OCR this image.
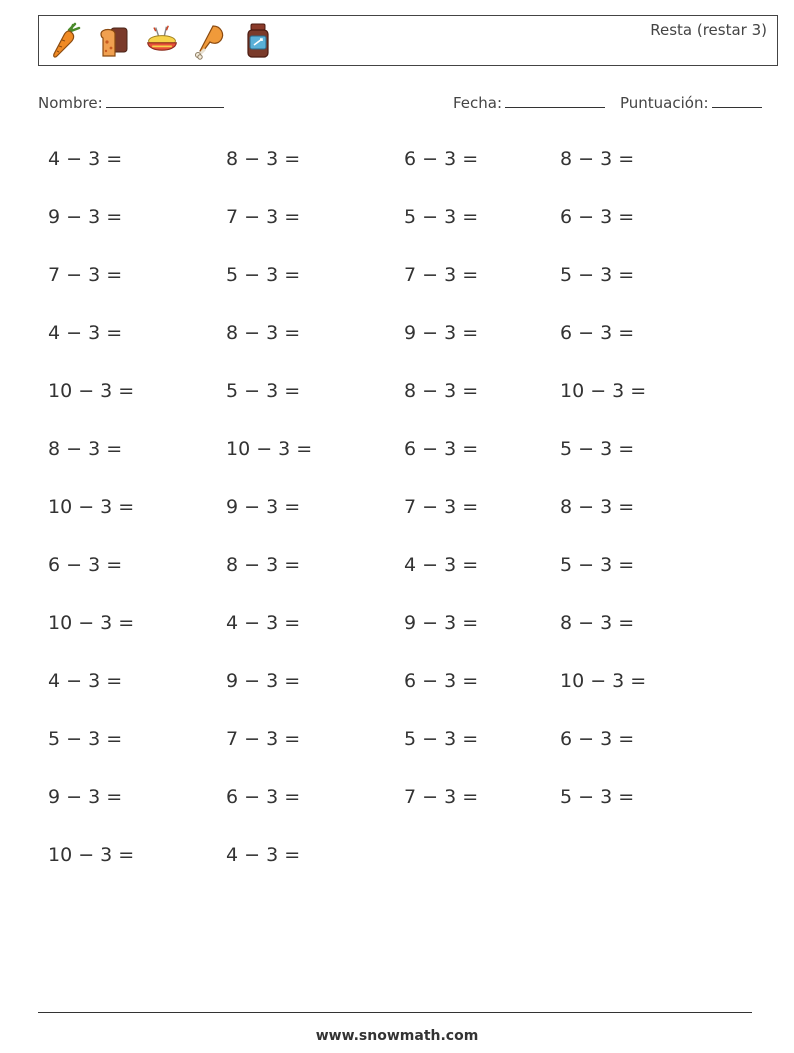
Resta (restar 3)
Nombre:	Fecha:	Puntuación:
4 − 3 =	8 − 3 =	6 − 3 =	8 − 3 =
9 − 3 =	7 − 3 =	5 − 3 =	6 − 3 =
7 − 3 =	5 − 3 =	7 − 3 =	5 − 3 =
4 − 3 =	8 − 3 =	9 − 3 =	6 − 3 =
10 − 3 =	5 − 3 =	8 − 3 =	10 − 3 =
8 − 3 =	10 − 3 =	6 − 3 =	5 − 3 =
10 − 3 =	9 − 3 =	7 − 3 =	8 − 3 =
6 − 3 =	8 − 3 =	4 − 3 =	5 − 3 =
10 − 3 =	4 − 3 =	9 − 3 =	8 − 3 =
4 − 3 =	9 − 3 =	6 − 3 =	10 − 3 =
5 − 3 =	7 − 3 =	5 − 3 =	6 − 3 =
9 − 3 =	6 − 3 =	7 − 3 =	5 − 3 =
10 − 3 =	4 − 3 =
www.snowmath.com
